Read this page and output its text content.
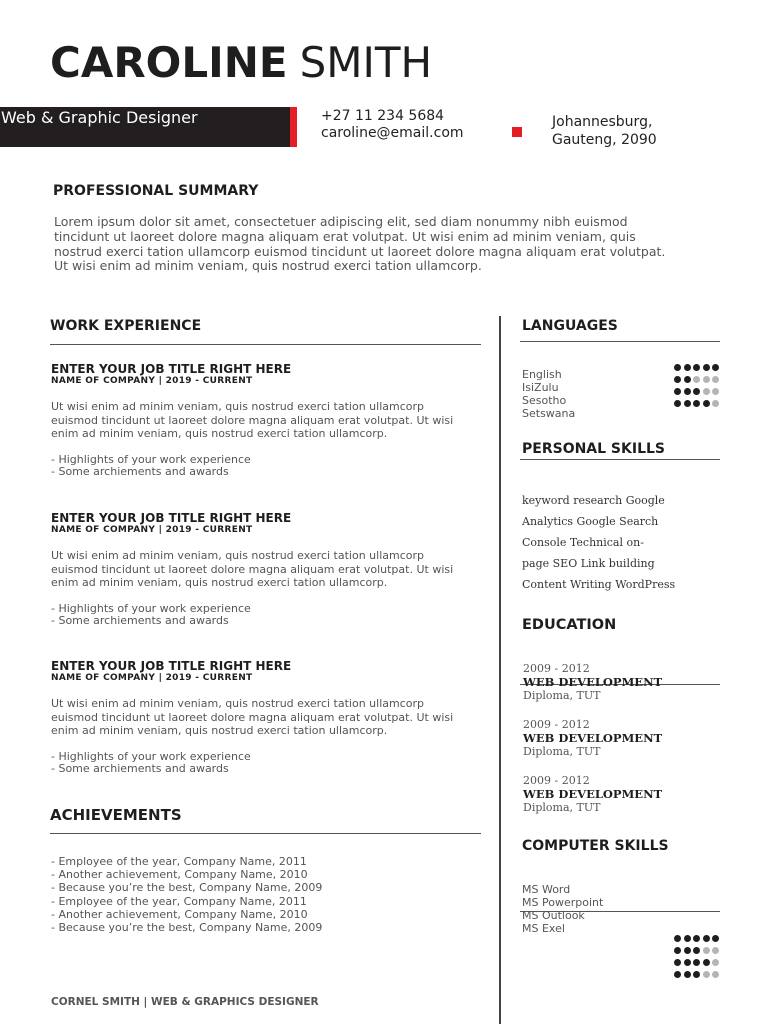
CAROLINE SMITH
Web & Graphic Designer	+27 11 234 5684
caroline@email.com
Johannesburg,
Gauteng, 2090
PROFESSIONAL SUMMARY
Lorem ipsum dolor sit amet, consectetuer adipiscing elit, sed diam nonummy nibh euismod tincidunt ut laoreet dolore magna aliquam erat volutpat. Ut wisi enim ad minim veniam, quis nostrud exerci tation ullamcorp euismod tincidunt ut laoreet dolore magna aliquam erat volutpat. Ut wisi enim ad minim veniam, quis nostrud exerci tation ullamcorp.
WORK EXPERIENCE
ENTER YOUR JOB TITLE RIGHT HERE
NAME OF COMPANY | 2019 - CURRENT
Ut wisi enim ad minim veniam, quis nostrud exerci tation ullamcorp euismod tincidunt ut laoreet dolore magna aliquam erat volutpat. Ut wisi enim ad minim veniam, quis nostrud exerci tation ullamcorp.
- Highlights of your work experience
- Some archiements and awards
ENTER YOUR JOB TITLE RIGHT HERE
NAME OF COMPANY | 2019 - CURRENT
Ut wisi enim ad minim veniam, quis nostrud exerci tation ullamcorp euismod tincidunt ut laoreet dolore magna aliquam erat volutpat. Ut wisi enim ad minim veniam, quis nostrud exerci tation ullamcorp.
- Highlights of your work experience
- Some archiements and awards
ENTER YOUR JOB TITLE RIGHT HERE
NAME OF COMPANY | 2019 - CURRENT
Ut wisi enim ad minim veniam, quis nostrud exerci tation ullamcorp euismod tincidunt ut laoreet dolore magna aliquam erat volutpat. Ut wisi enim ad minim veniam, quis nostrud exerci tation ullamcorp.
- Highlights of your work experience
- Some archiements and awards
ACHIEVEMENTS
- Employee of the year, Company Name, 2011
- Another achievement, Company Name, 2010
- Because you’re the best, Company Name, 2009
- Employee of the year, Company Name, 2011
- Another achievement, Company Name, 2010
- Because you’re the best, Company Name, 2009
LANGUAGES
English
IsiZulu
Sesotho
Setswana
PERSONAL SKILLS
keyword research Google
Analytics Google Search
Console Technical on-
page SEO Link building
Content Writing WordPress
EDUCATION
2009 - 2012
WEB DEVELOPMENT
Diploma, TUT
2009 - 2012
WEB DEVELOPMENT
Diploma, TUT
2009 - 2012
WEB DEVELOPMENT
Diploma, TUT
COMPUTER SKILLS
MS Word
MS Powerpoint
MS Outlook
MS Exel
CORNEL SMITH | WEB & GRAPHICS DESIGNER
